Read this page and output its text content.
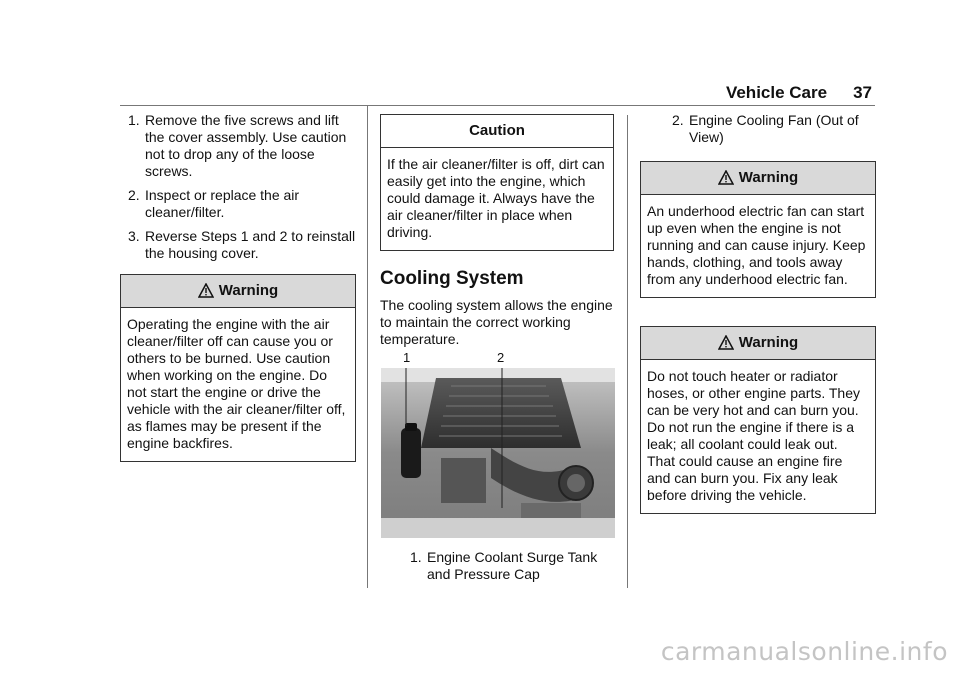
Vehicle Care 37
1. Remove the five screws and lift the cover assembly. Use caution not to drop any of the loose screws.
2. Inspect or replace the air cleaner/filter.
3. Reverse Steps 1 and 2 to reinstall the housing cover.
Warning

Operating the engine with the air cleaner/filter off can cause you or others to be burned. Use caution when working on the engine. Do not start the engine or drive the vehicle with the air cleaner/filter off, as flames may be present if the engine backfires.

Caution

If the air cleaner/filter is off, dirt can easily get into the engine, which could damage it. Always have the air cleaner/filter in place when driving.

Cooling System

The cooling system allows the engine to maintain the correct working temperature.

1	2
1. Engine Coolant Surge Tank and Pressure Cap
2. Engine Cooling Fan (Out of View)
Warning

An underhood electric fan can start up even when the engine is not running and can cause injury. Keep hands, clothing, and tools away from any underhood electric fan.

Warning

Do not touch heater or radiator hoses, or other engine parts. They can be very hot and can burn you. Do not run the engine if there is a leak; all coolant could leak out. That could cause an engine fire and can burn you. Fix any leak before driving the vehicle.

carmanualsonline.info
